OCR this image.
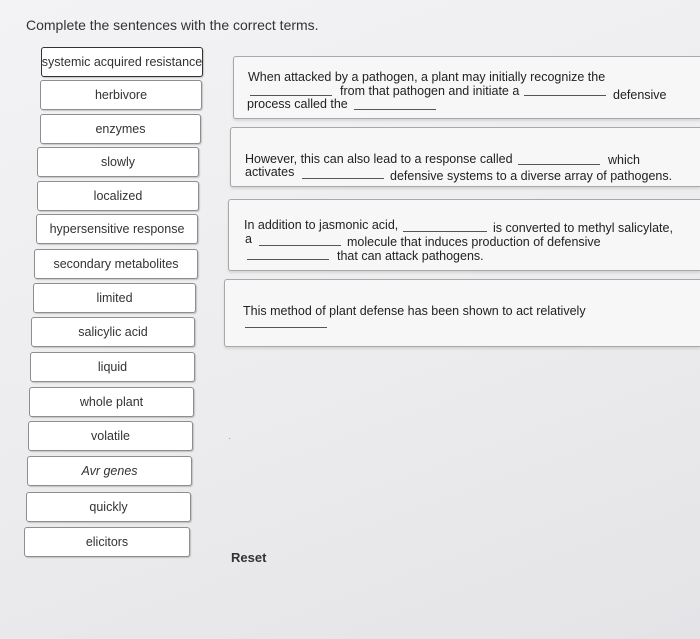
Complete the sentences with the correct terms.
systemic acquired resistance
herbivore
enzymes
slowly
localized
hypersensitive response
secondary metabolites
limited
salicylic acid
liquid
whole plant
volatile
Avr genes
quickly
elicitors
When attacked by a pathogen, a plant may initially recognize the
from that pathogen and initiate a	defensive
process called the
However, this can also lead to a response called	which
activates	defensive systems to a diverse array of pathogens.
In addition to jasmonic acid,	is converted to methyl salicylate,
a	molecule that induces production of defensive
that can attack pathogens.
This method of plant defense has been shown to act relatively
·
Reset
